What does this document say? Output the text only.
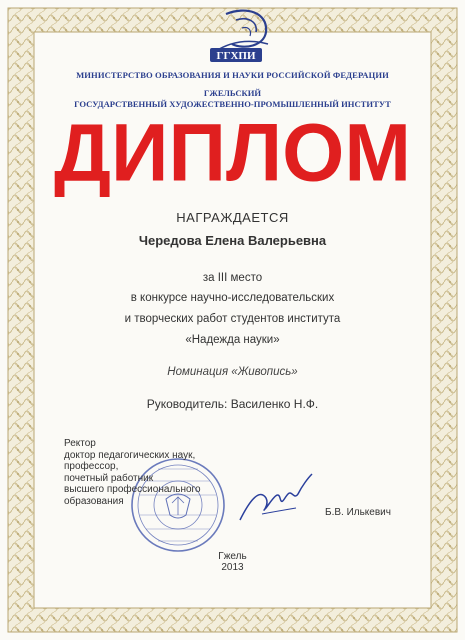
ГГХПИ

МИНИСТЕРСТВО ОБРАЗОВАНИЯ И НАУКИ РОССИЙСКОЙ ФЕДЕРАЦИИ

ГЖЕЛЬСКИЙ

ГОСУДАРСТВЕННЫЙ ХУДОЖЕСТВЕННО-ПРОМЫШЛЕННЫЙ ИНСТИТУТ

ДИПЛОМ

НАГРАЖДАЕТСЯ

Чередова Елена Валерьевна

за III место

в конкурсе научно-исследовательских

и творческих работ студентов института

«Надежда науки»

Номинация «Живопись»

Руководитель: Василенко Н.Ф.

Ректор
доктор педагогических наук,
профессор,
почетный работник
высшего профессионального
образования
Б.В. Илькевич

Гжель

2013
